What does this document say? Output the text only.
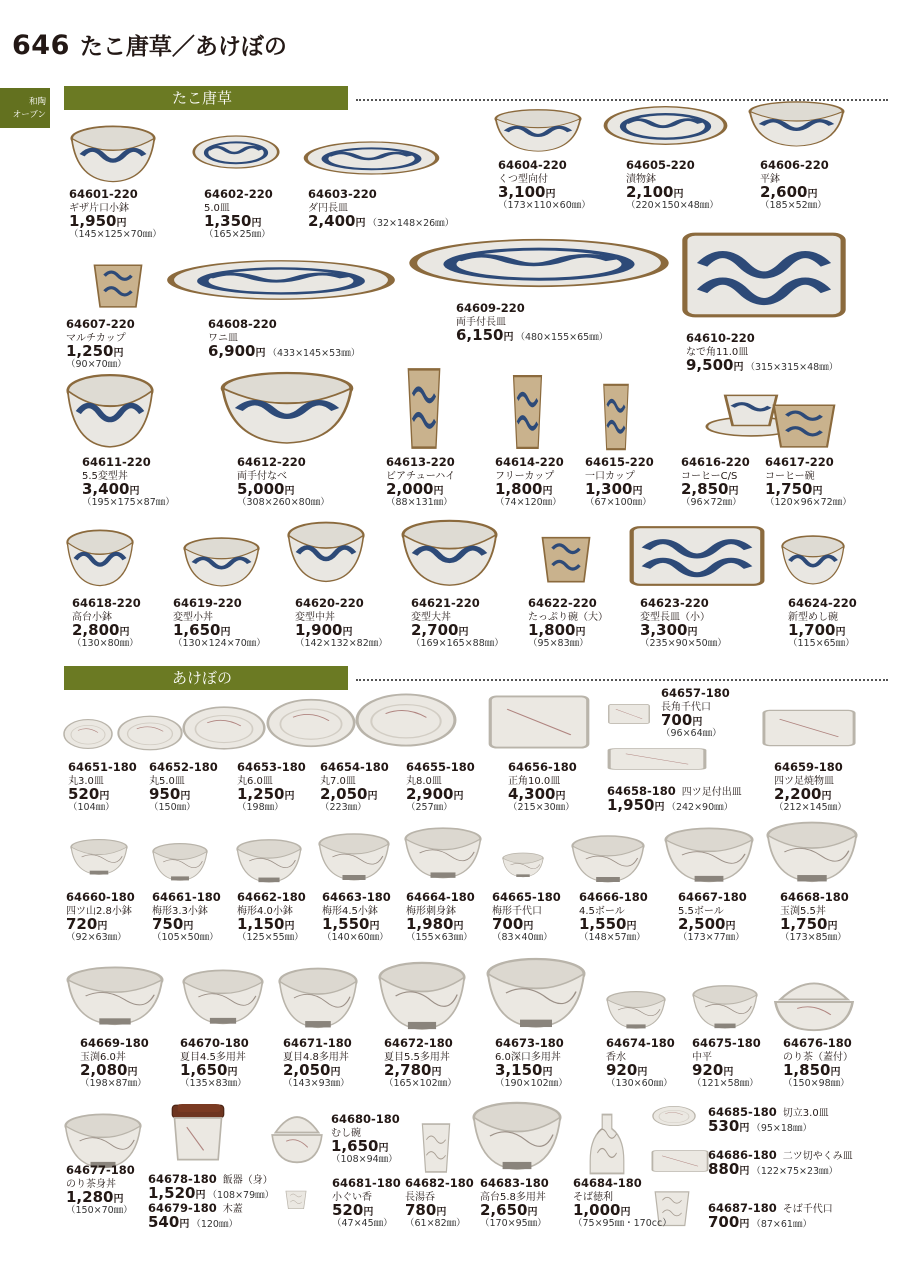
646 たこ唐草／あけぼの
和陶
オーブン
たこ唐草
あけぼの
64601-220
ギザ片口小鉢
1,950円
（145×125×70㎜）
64602-220
5.0皿
1,350円
（165×25㎜）
64603-220
ダ円長皿
2,400円 （32×148×26㎜）
64604-220
くつ型向付
3,100円
（173×110×60㎜）
64605-220
漬物鉢
2,100円
（220×150×48㎜）
64606-220
平鉢
2,600円
（185×52㎜）
64607-220
マルチカップ
1,250円
（90×70㎜）
64608-220
ワニ皿
6,900円 （433×145×53㎜）
64609-220
両手付長皿
6,150円 （480×155×65㎜）	64610-220
なで角11.0皿
9,500円 （315×315×48㎜）
64611-220
5.5変型丼
3,400円
（195×175×87㎜）
64612-220
両手付なべ
5,000円
（308×260×80㎜）
64613-220
ビアチューハイ
2,000円
（88×131㎜）
64614-220
フリーカップ
1,800円
（74×120㎜）
64615-220
一口カップ
1,300円
（67×100㎜）
64616-220
コーヒーC/S
2,850円
（96×72㎜）
64617-220
コーヒー碗
1,750円
（120×96×72㎜）
64618-220
高台小鉢
2,800円
（130×80㎜）
64619-220
変型小丼
1,650円
（130×124×70㎜）
64620-220
変型中丼
1,900円
（142×132×82㎜）
64621-220
変型大丼
2,700円
（169×165×88㎜）
64622-220
たっぷり碗（大）
1,800円
（95×83㎜）
64623-220
変型長皿（小）
3,300円
（235×90×50㎜）
64624-220
新型めし碗
1,700円
（115×65㎜）
64651-180
丸3.0皿
520円
（104㎜）
64652-180
丸5.0皿
950円
（150㎜）
64653-180
丸6.0皿
1,250円
（198㎜）
64654-180
丸7.0皿
2,050円
（223㎜）
64655-180
丸8.0皿
2,900円
（257㎜）
64656-180
正角10.0皿
4,300円
（215×30㎜）
64657-180
長角千代口
700円
（96×64㎜）
64658-180 四ツ足付出皿
1,950円 （242×90㎜）
64659-180
四ツ足焼物皿
2,200円
（212×145㎜）
64660-180
四ツ山2.8小鉢
720円
（92×63㎜）
64661-180
梅形3.3小鉢
750円
（105×50㎜）
64662-180
梅形4.0小鉢
1,150円
（125×55㎜）
64663-180
梅形4.5小鉢
1,550円
（140×60㎜）
64664-180
梅形刺身鉢
1,980円
（155×63㎜）
64665-180
梅形千代口
700円
（83×40㎜）
64666-180
4.5ボール
1,550円
（148×57㎜）
64667-180
5.5ボール
2,500円
（173×77㎜）
64668-180
玉渕5.5丼
1,750円
（173×85㎜）
64669-180
玉渕6.0丼
2,080円
（198×87㎜）
64670-180
夏目4.5多用丼
1,650円
（135×83㎜）
64671-180
夏目4.8多用丼
2,050円
（143×93㎜）
64672-180
夏目5.5多用丼
2,780円
（165×102㎜）
64673-180
6.0深口多用丼
3,150円
（190×102㎜）
64674-180
香水
920円
（130×60㎜）
64675-180
中平
920円
（121×58㎜）
64676-180
のり茶（蓋付）
1,850円
（150×98㎜）
64677-180
のり茶身丼
1,280円
（150×70㎜）
64678-180 飯器（身）
1,520円 （108×79㎜）
64679-180 木蓋
540円 （120㎜）
64680-180
むし碗
1,650円
（108×94㎜）
64681-180
小ぐい香
520円
（47×45㎜）
64682-180
長湯呑
780円
（61×82㎜）
64683-180
高台5.8多用丼
2,650円
（170×95㎜）
64684-180
そば徳利
1,000円
（75×95㎜・170cc）
64685-180 切立3.0皿
530円 （95×18㎜）
64686-180 二ツ切やくみ皿
880円 （122×75×23㎜）
64687-180 そば千代口
700円 （87×61㎜）
